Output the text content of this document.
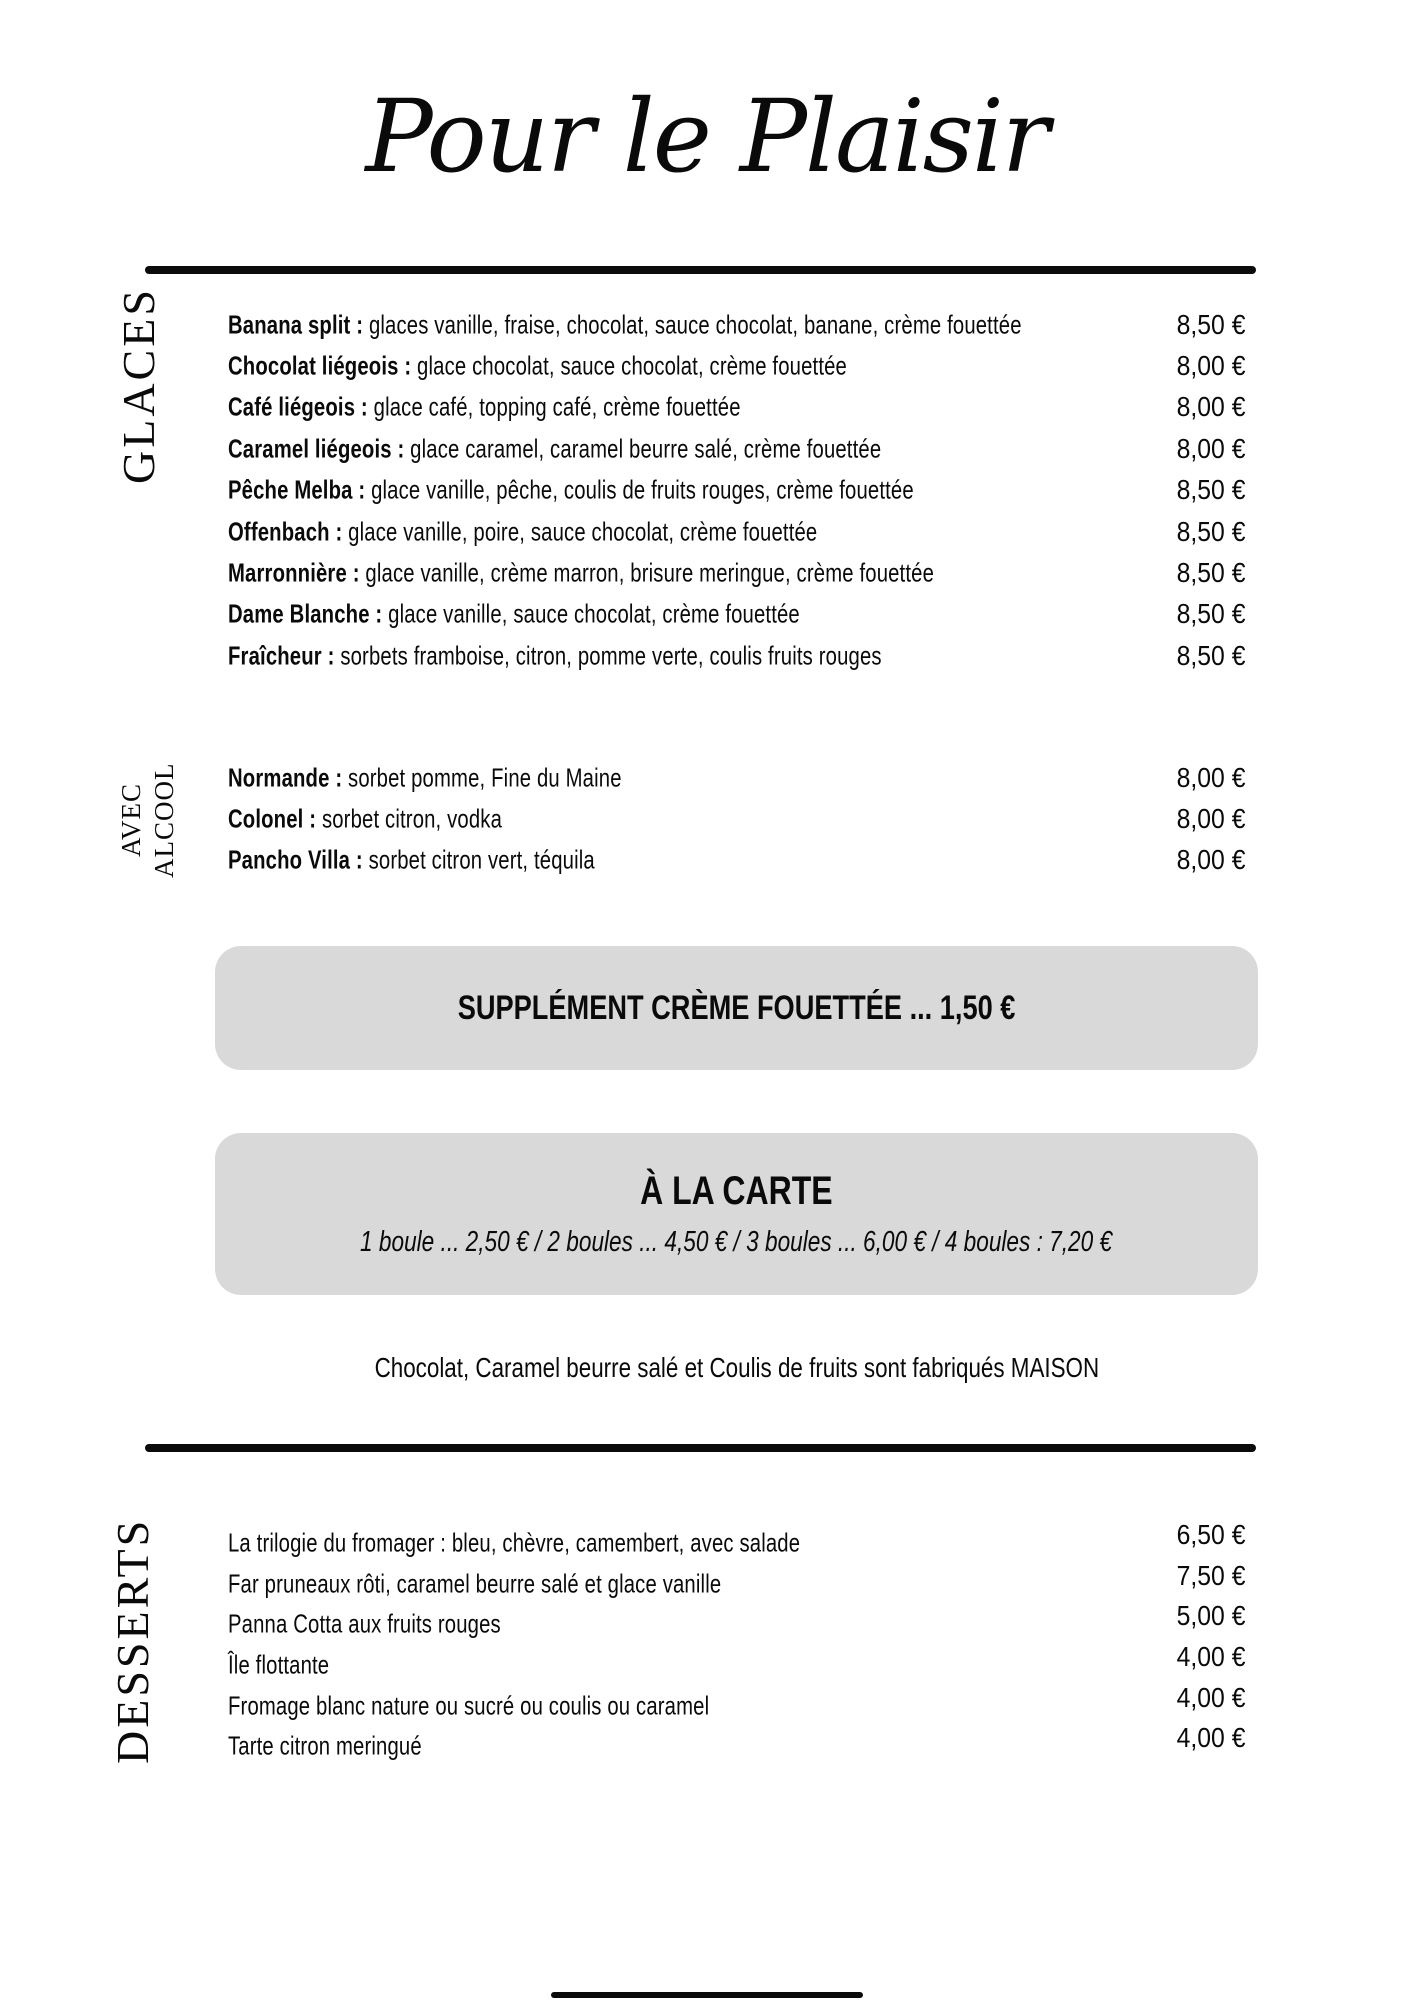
Pour le Plaisir
GLACES Banana split : glaces vanille, fraise, chocolat, sauce chocolat, banane, crème fouettée	8,50 €
Chocolat liégeois : glace chocolat, sauce chocolat, crème fouettée	8,00 €
Café liégeois : glace café, topping café, crème fouettée	8,00 €
Caramel liégeois : glace caramel, caramel beurre salé, crème fouettée	8,00 €
Pêche Melba : glace vanille, pêche, coulis de fruits rouges, crème fouettée	8,50 €
Offenbach : glace vanille, poire, sauce chocolat, crème fouettée	8,50 €
Marronnière : glace vanille, crème marron, brisure meringue, crème fouettée	8,50 €
Dame Blanche : glace vanille, sauce chocolat, crème fouettée	8,50 €
Fraîcheur : sorbets framboise, citron, pomme verte, coulis fruits rouges	8,50 €
AVEC ALCOOL Normande : sorbet pomme, Fine du Maine	8,00 €
Colonel : sorbet citron, vodka	8,00 €
Pancho Villa : sorbet citron vert, téquila	8,00 €
SUPPLÉMENT CRÈME FOUETTÉE ... 1,50 €
À LA CARTE
1 boule ... 2,50 € / 2 boules ... 4,50 € / 3 boules ... 6,00 € / 4 boules : 7,20 €
Chocolat, Caramel beurre salé et Coulis de fruits sont fabriqués MAISON
DESSERTS	La trilogie du fromager : bleu, chèvre, camembert, avec salade	6,50 €
Far pruneaux rôti, caramel beurre salé et glace vanille	7,50 €
Panna Cotta aux fruits rouges	5,00 €
Île flottante	4,00 €
Fromage blanc nature ou sucré ou coulis ou caramel	4,00 €
Tarte citron meringué	4,00 €
